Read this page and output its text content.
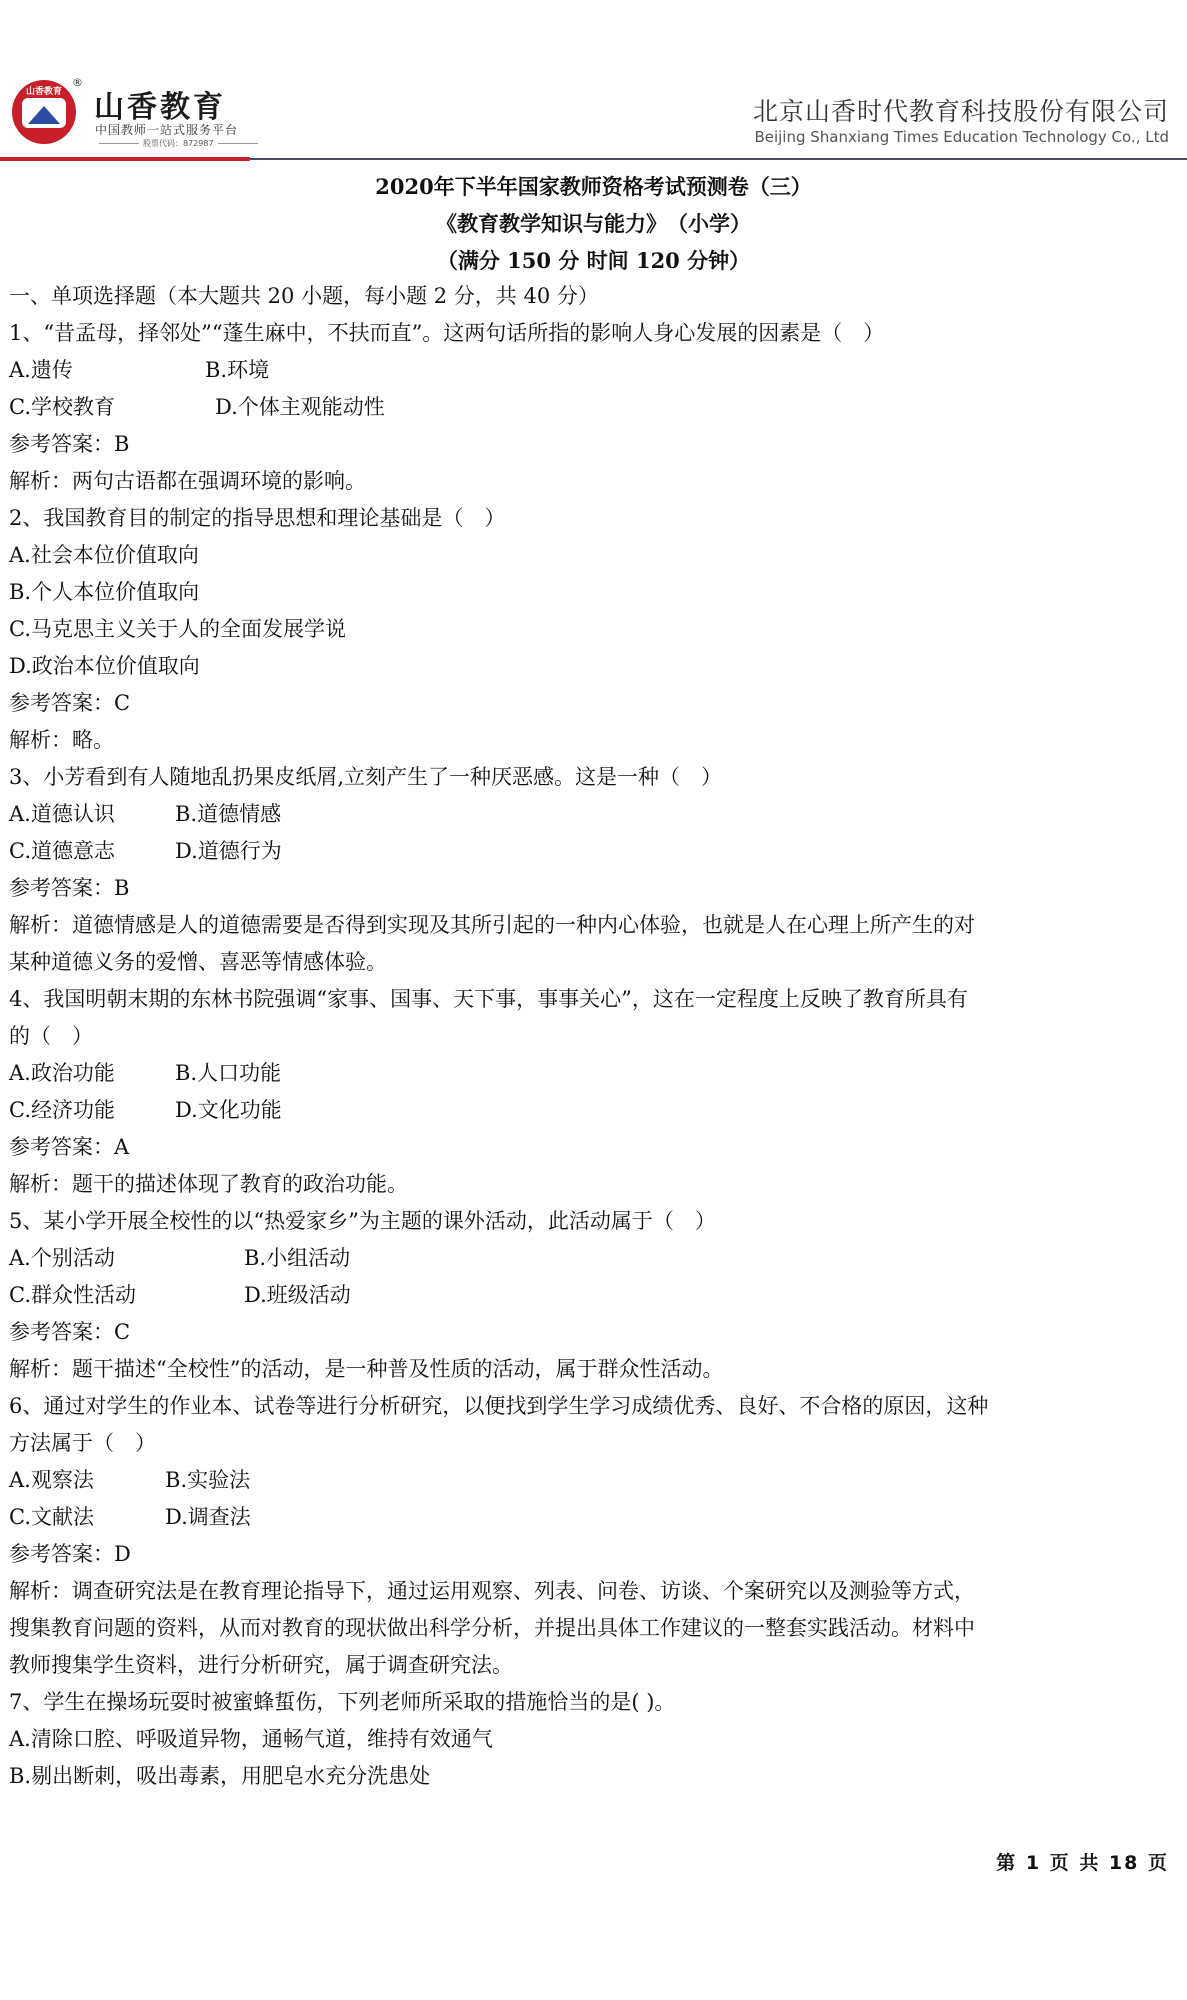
山香教育
®
山香教育
中国教师一站式服务平台
股票代码：872987
北京山香时代教育科技股份有限公司
Beijing Shanxiang Times Education Technology Co., Ltd
2020年下半年国家教师资格考试预测卷（三）
《教育教学知识与能力》　（小学）
（满分 150 分 时间 120 分钟）
一、单项选择题（本大题共 20 小题，每小题 2 分，共 40 分）
1、“昔孟母，择邻处”“蓬生麻中，不扶而直”。这两句话所指的影响人身心发展的因素是（　）
A.遗传	B.环境
C.学校教育	D.个体主观能动性
参考答案：B
解析：两句古语都在强调环境的影响。
2、我国教育目的制定的指导思想和理论基础是（　）
A.社会本位价值取向
B.个人本位价值取向
C.马克思主义关于人的全面发展学说
D.政治本位价值取向
参考答案：C
解析：略。
3、小芳看到有人随地乱扔果皮纸屑,立刻产生了一种厌恶感。这是一种（　）
A.道德认识	B.道德情感
C.道德意志	D.道德行为
参考答案：B
解析：道德情感是人的道德需要是否得到实现及其所引起的一种内心体验，也就是人在心理上所产生的对
某种道德义务的爱憎、喜恶等情感体验。
4、我国明朝末期的东林书院强调“家事、国事、天下事，事事关心”，这在一定程度上反映了教育所具有
的（　）
A.政治功能	B.人口功能
C.经济功能	D.文化功能
参考答案：A
解析：题干的描述体现了教育的政治功能。
5、某小学开展全校性的以“热爱家乡”为主题的课外活动，此活动属于（　）
A.个别活动	B.小组活动
C.群众性活动	D.班级活动
参考答案：C
解析：题干描述“全校性”的活动，是一种普及性质的活动，属于群众性活动。
6、通过对学生的作业本、试卷等进行分析研究，以便找到学生学习成绩优秀、良好、不合格的原因，这种
方法属于（　）
A.观察法	B.实验法
C.文献法	D.调查法
参考答案：D
解析：调查研究法是在教育理论指导下，通过运用观察、列表、问卷、访谈、个案研究以及测验等方式，
搜集教育问题的资料，从而对教育的现状做出科学分析，并提出具体工作建议的一整套实践活动。材料中
教师搜集学生资料，进行分析研究，属于调查研究法。
7、学生在操场玩耍时被蜜蜂蜇伤，下列老师所采取的措施恰当的是( )。
A.清除口腔、呼吸道异物，通畅气道，维持有效通气
B.剔出断刺，吸出毒素，用肥皂水充分洗患处
第 1 页 共 18 页
